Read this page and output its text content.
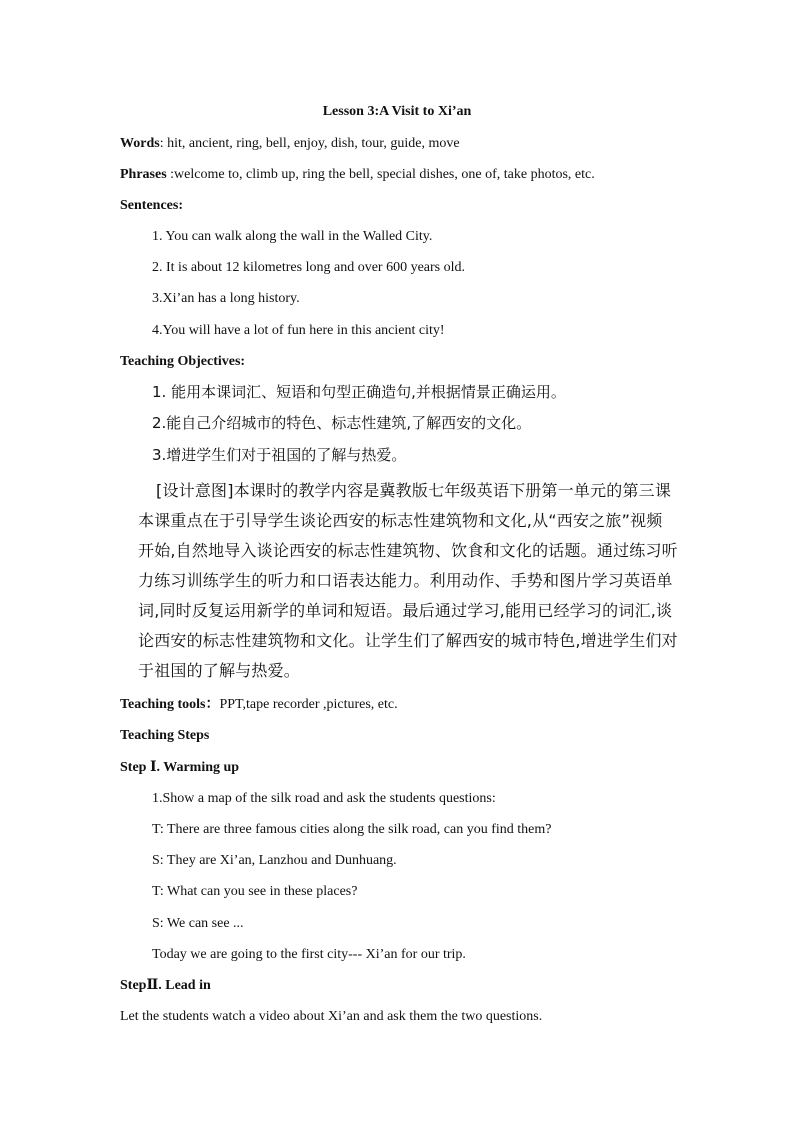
Lesson 3:A Visit to Xi’an
Words: hit, ancient, ring, bell, enjoy, dish, tour, guide, move
Phrases :welcome to, climb up, ring the bell, special dishes, one of, take photos, etc.
Sentences:
1. You can walk along the wall in the Walled City.
2. It is about 12 kilometres long and over 600 years old.
3.Xi’an has a long history.
4.You will have a lot of fun here in this ancient city!
Teaching Objectives:
1. 能用本课词汇、短语和句型正确造句,并根据情景正确运用。
2.能自己介绍城市的特色、标志性建筑,了解西安的文化。
3.增进学生们对于祖国的了解与热爱。
[设计意图]本课时的教学内容是冀教版七年级英语下册第一单元的第三课本课重点在于引导学生谈论西安的标志性建筑物和文化,从“西安之旅”视频开始,自然地导入谈论西安的标志性建筑物、饮食和文化的话题。通过练习听力练习训练学生的听力和口语表达能力。利用动作、手势和图片学习英语单词,同时反复运用新学的单词和短语。最后通过学习,能用已经学习的词汇,谈论西安的标志性建筑物和文化。让学生们了解西安的城市特色,增进学生们对于祖国的了解与热爱。
Teaching tools：PPT,tape recorder ,pictures, etc.
Teaching Steps
Step Ⅰ. Warming up
1.Show a map of the silk road and ask the students questions:
T: There are three famous cities along the silk road, can you find them?
S: They are Xi’an, Lanzhou and Dunhuang.
T: What can you see in these places?
S: We can see ...
Today we are going to the first city--- Xi’an for our trip.
StepⅡ. Lead in
Let the students watch a video about Xi’an and ask them the two questions.
